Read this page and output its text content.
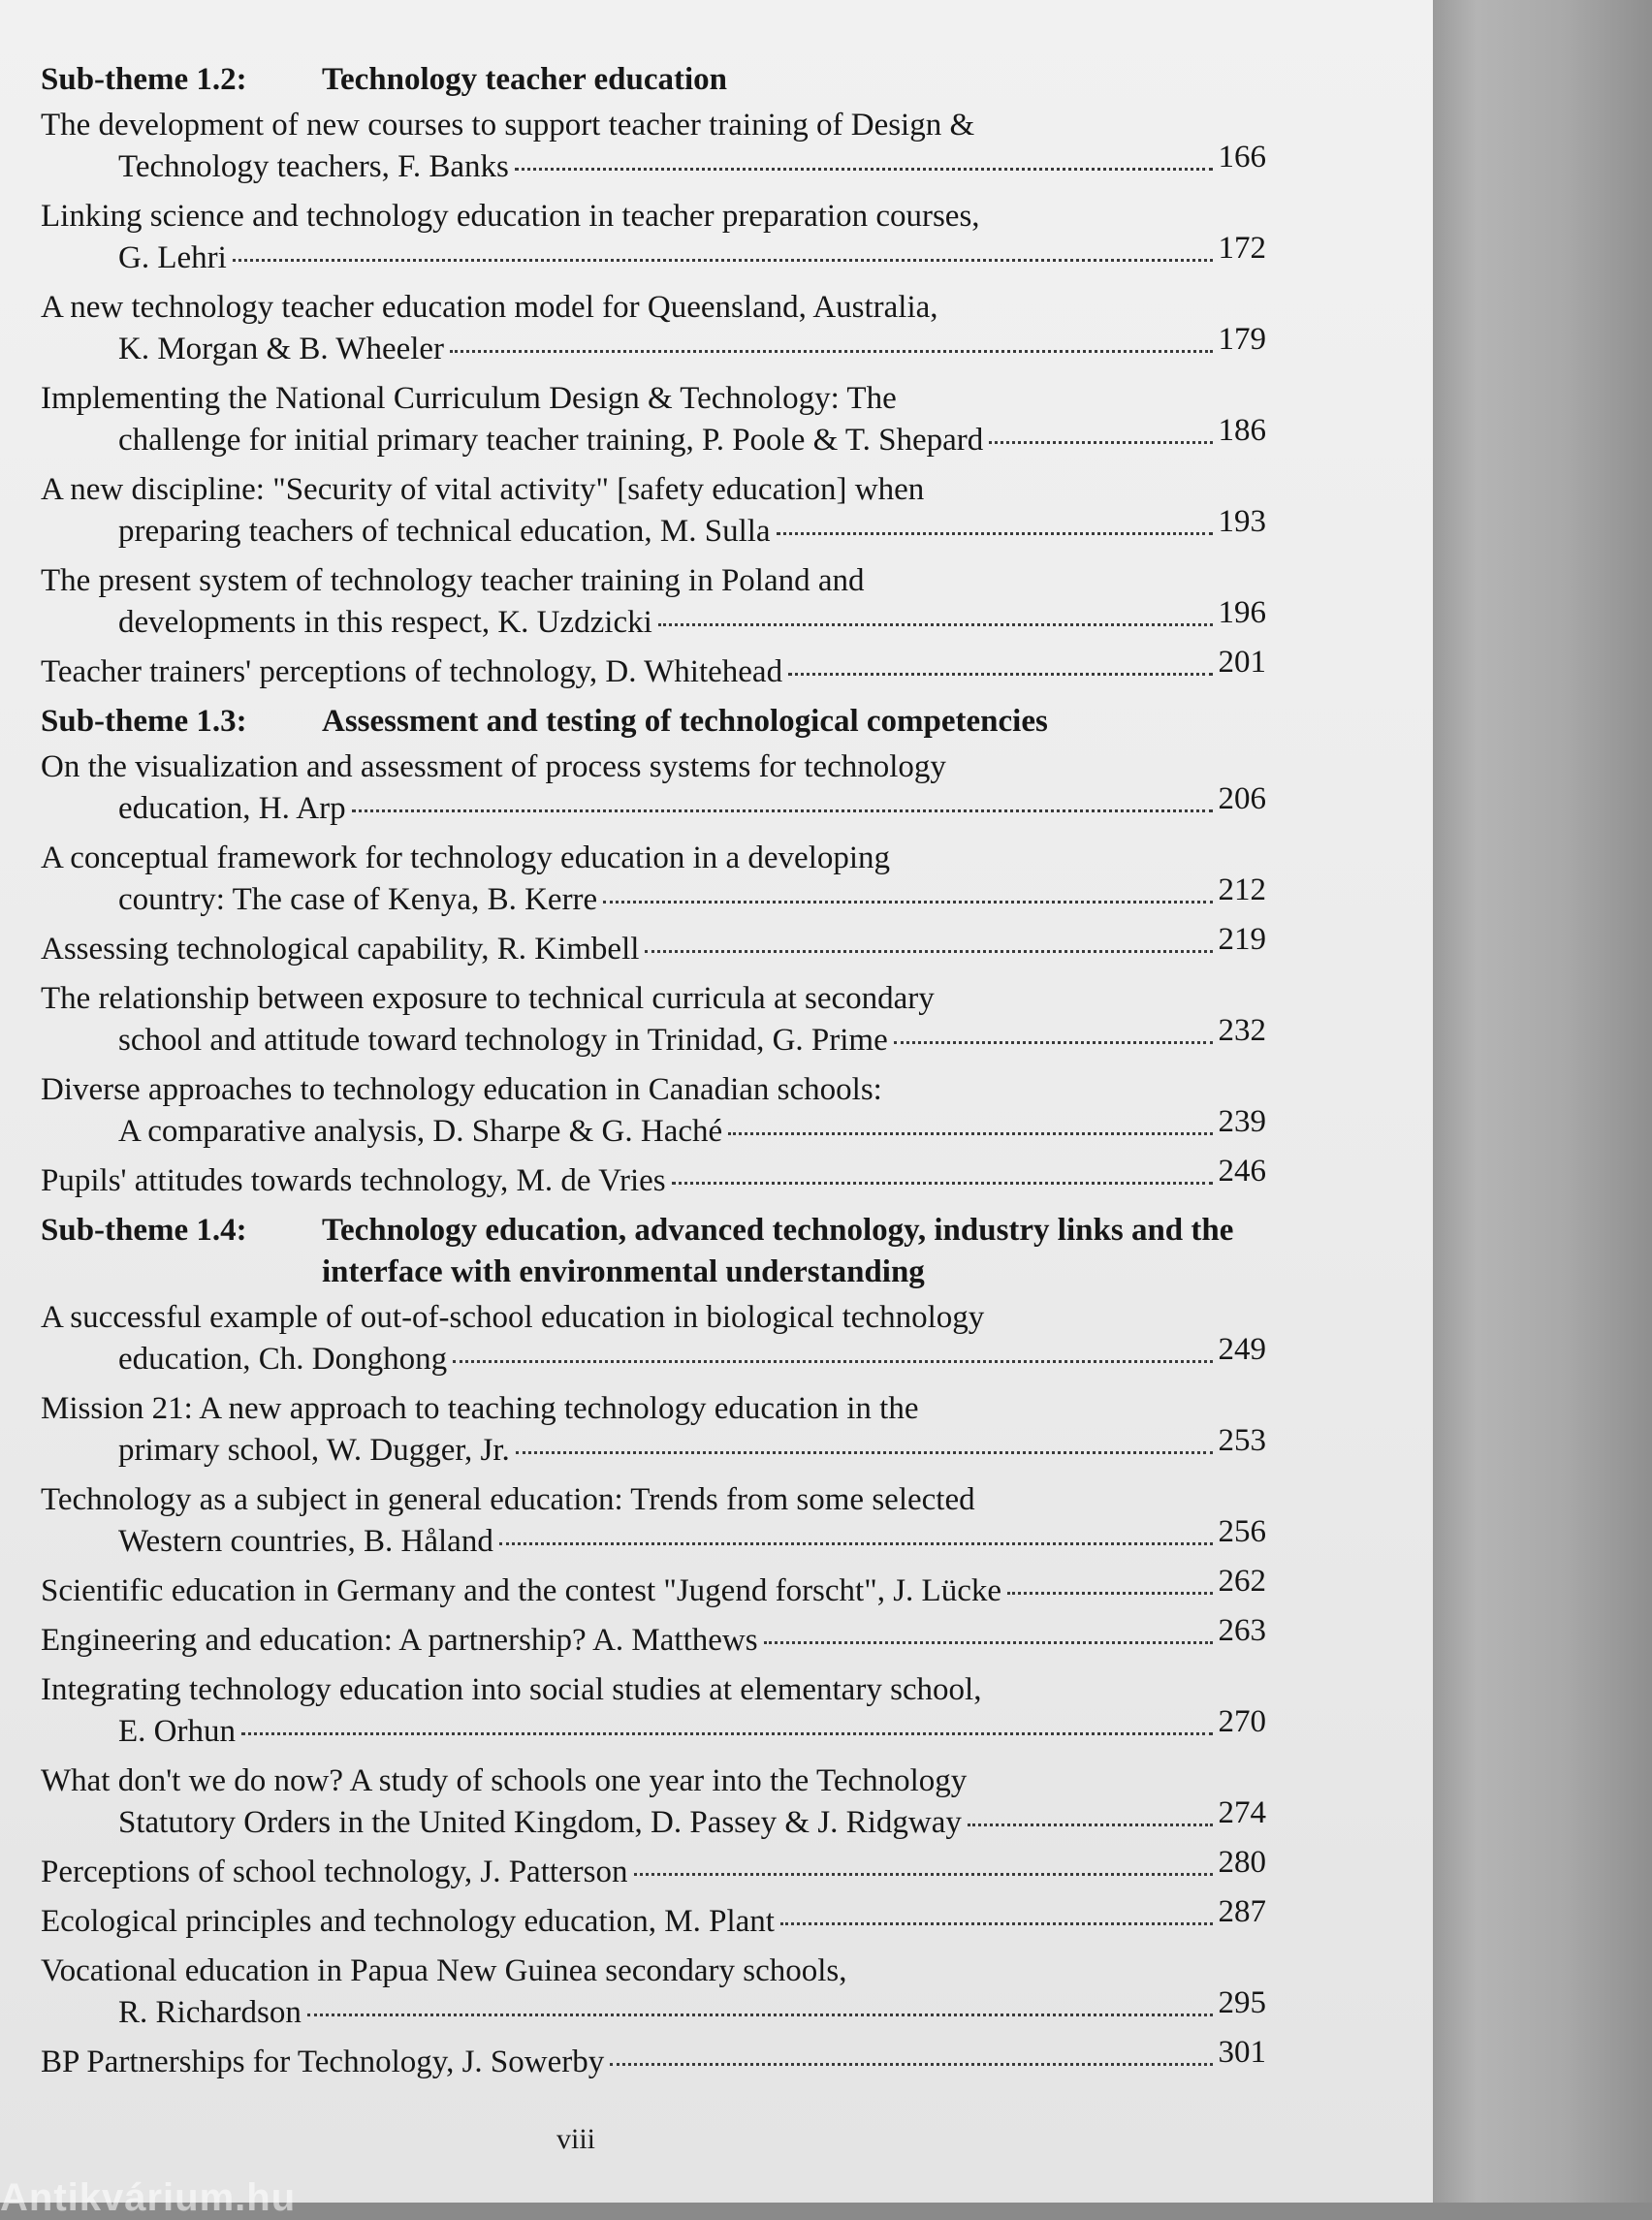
Sub-theme 1.2:	Technology teacher education
The development of new courses to support teacher training of Design &
Technology teachers, F. Banks	166
Linking science and technology education in teacher preparation courses,
G. Lehri	172
A new technology teacher education model for Queensland, Australia,
K. Morgan & B. Wheeler	179
Implementing the National Curriculum Design & Technology: The
challenge for initial primary teacher training, P. Poole & T. Shepard	186
A new discipline: "Security of vital activity" [safety education] when
preparing teachers of technical education, M. Sulla	193
The present system of technology teacher training in Poland and
developments in this respect, K. Uzdzicki	196
Teacher trainers' perceptions of technology, D. Whitehead	201
Sub-theme 1.3:	Assessment and testing of technological competencies
On the visualization and assessment of process systems for technology
education, H. Arp	206
A conceptual framework for technology education in a developing
country: The case of Kenya, B. Kerre	212
Assessing technological capability, R. Kimbell	219
The relationship between exposure to technical curricula at secondary
school and attitude toward technology in Trinidad, G. Prime	232
Diverse approaches to technology education in Canadian schools:
A comparative analysis, D. Sharpe & G. Haché	239
Pupils' attitudes towards technology, M. de Vries	246
Sub-theme 1.4:	Technology education, advanced technology, industry links and the interface with environmental understanding
A successful example of out-of-school education in biological technology
education, Ch. Donghong	249
Mission 21: A new approach to teaching technology education in the
primary school, W. Dugger, Jr.	253
Technology as a subject in general education: Trends from some selected
Western countries, B. Håland	256
Scientific education in Germany and the contest "Jugend forscht", J. Lücke	262
Engineering and education: A partnership? A. Matthews	263
Integrating technology education into social studies at elementary school,
E. Orhun	270
What don't we do now? A study of schools one year into the Technology
Statutory Orders in the United Kingdom, D. Passey & J. Ridgway	274
Perceptions of school technology, J. Patterson	280
Ecological principles and technology education, M. Plant	287
Vocational education in Papua New Guinea secondary schools,
R. Richardson	295
BP Partnerships for Technology, J. Sowerby	301
viii
Antikvárium.hu
